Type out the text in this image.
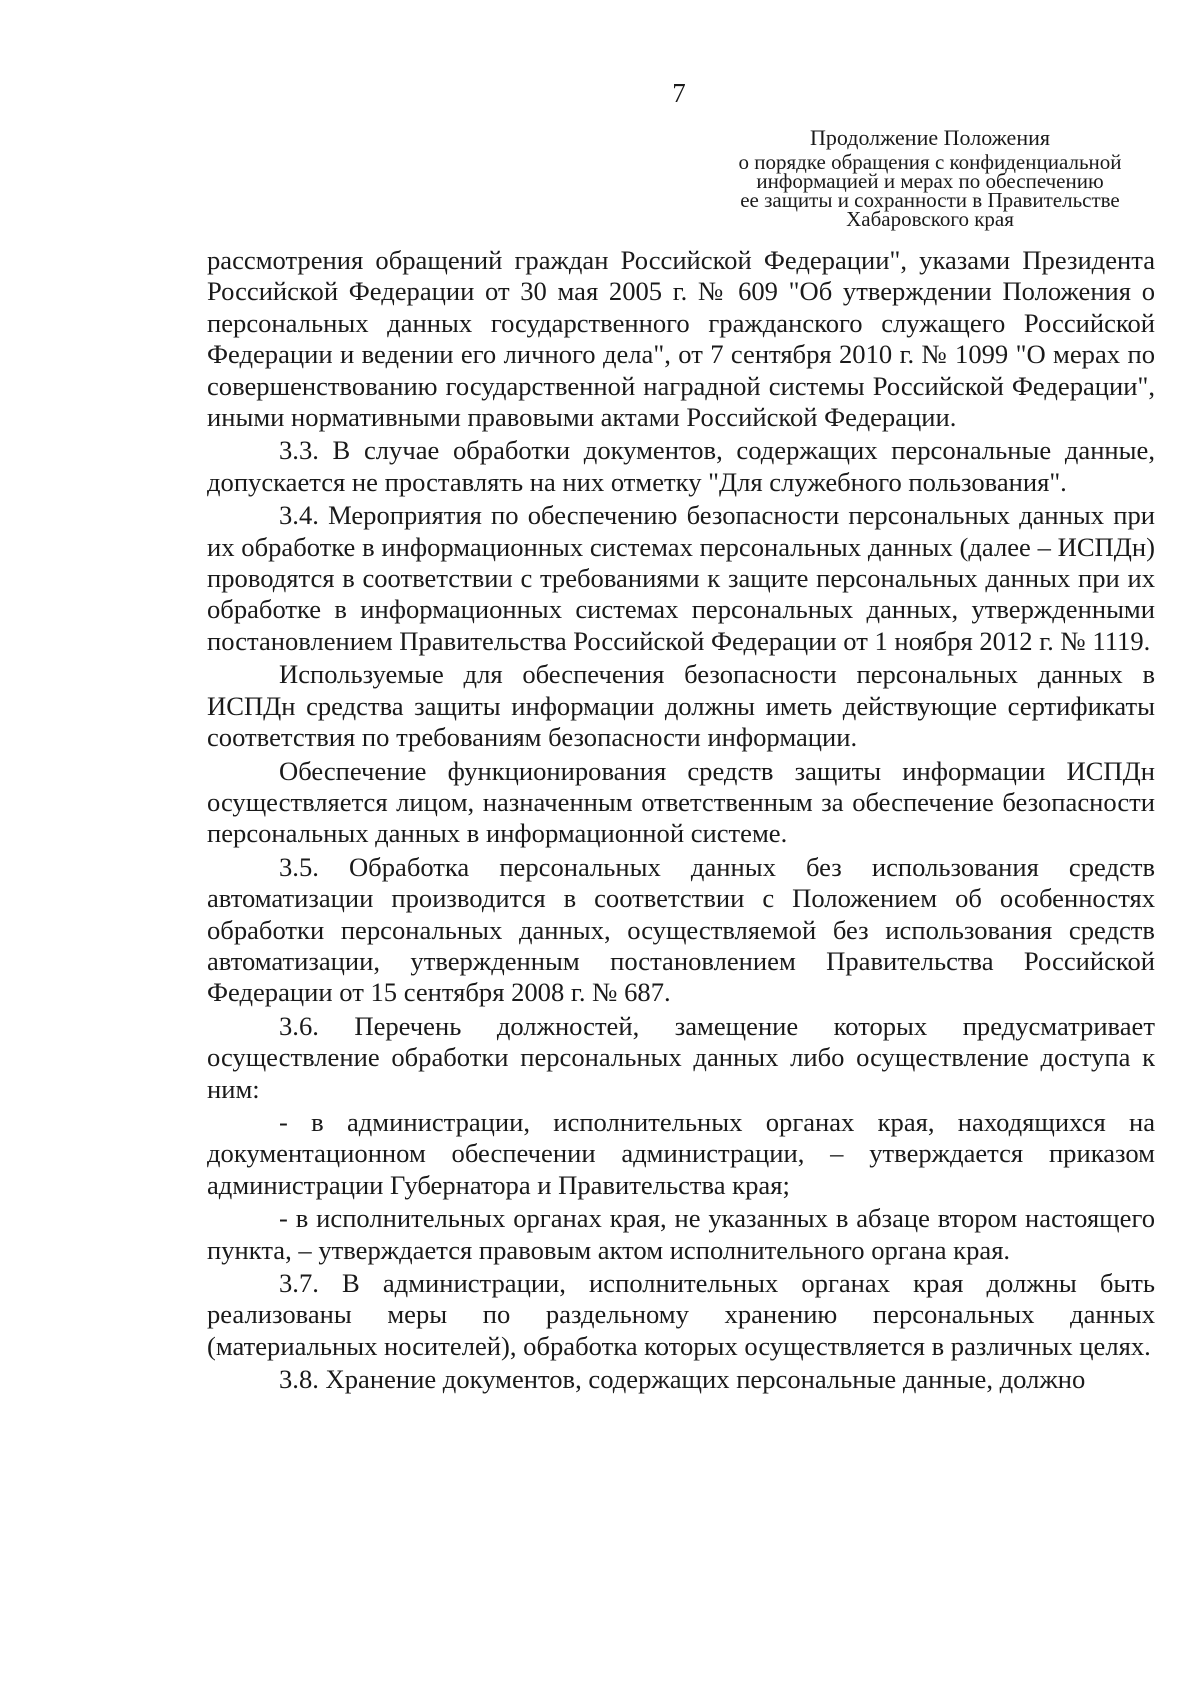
7
Продолжение Положения
о порядке обращения с конфиденциальной
информацией и мерах по обеспечению
ее защиты и сохранности в Правительстве
Хабаровского края

рассмотрения обращений граждан Российской Федерации", указами Президента Российской Федерации от 30 мая 2005 г. № 609 "Об утверждении Положения о персональных данных государственного гражданского служащего Российской Федерации и ведении его личного дела", от 7 сентября 2010 г. № 1099 "О мерах по совершенствованию государственной наградной системы Российской Федерации", иными нормативными правовыми актами Российской Федерации.

3.3. В случае обработки документов, содержащих персональные данные, допускается не проставлять на них отметку "Для служебного пользования".

3.4. Мероприятия по обеспечению безопасности персональных данных при их обработке в информационных системах персональных данных (далее – ИСПДн) проводятся в соответствии с требованиями к защите персональных данных при их обработке в информационных системах персональных данных, утвержденными постановлением Правительства Российской Федерации от 1 ноября 2012 г. № 1119.

Используемые для обеспечения безопасности персональных данных в ИСПДн средства защиты информации должны иметь действующие сертификаты соответствия по требованиям безопасности информации.

Обеспечение функционирования средств защиты информации ИСПДн осуществляется лицом, назначенным ответственным за обеспечение безопасности персональных данных в информационной системе.

3.5. Обработка персональных данных без использования средств автоматизации производится в соответствии с Положением об особенностях обработки персональных данных, осуществляемой без использования средств автоматизации, утвержденным постановлением Правительства Российской Федерации от 15 сентября 2008 г. № 687.

3.6. Перечень должностей, замещение которых предусматривает осуществление обработки персональных данных либо осуществление доступа к ним:

- в администрации, исполнительных органах края, находящихся на документационном обеспечении администрации, – утверждается приказом администрации Губернатора и Правительства края;

- в исполнительных органах края, не указанных в абзаце втором настоящего пункта, – утверждается правовым актом исполнительного органа края.

3.7. В администрации, исполнительных органах края должны быть реализованы меры по раздельному хранению персональных данных (материальных носителей), обработка которых осуществляется в различных целях.

3.8. Хранение документов, содержащих персональные данные, должно
